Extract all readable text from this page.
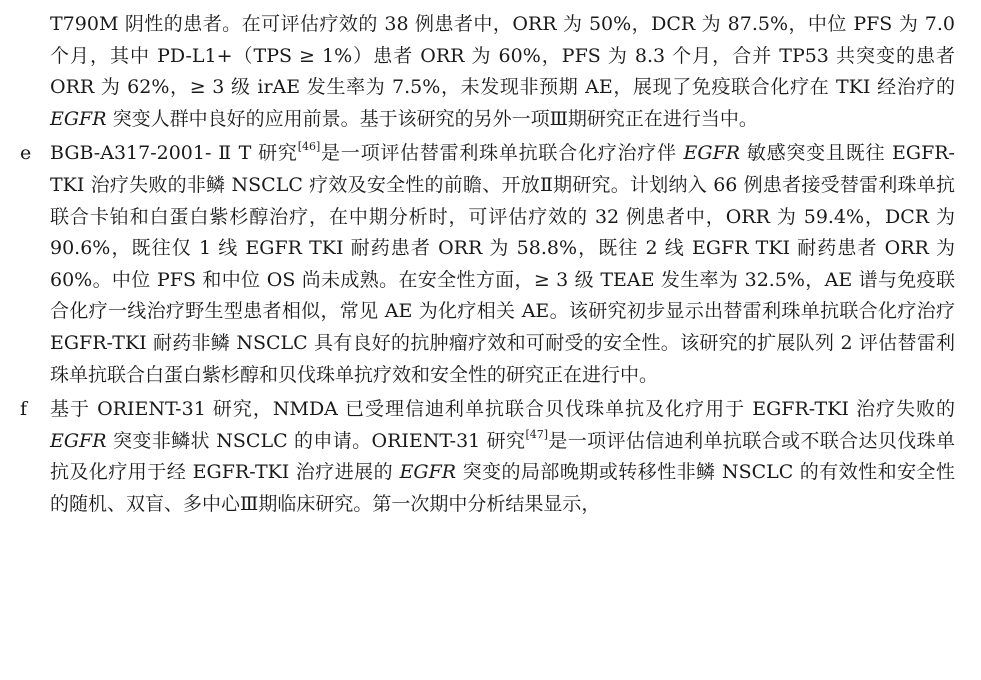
T790M 阴性的患者。在可评估疗效的 38 例患者中，ORR 为 50%，DCR 为 87.5%，中位 PFS 为 7.0 个月，其中 PD-L1+（TPS ≥ 1%）患者 ORR 为 60%，PFS 为 8.3 个月，合并 TP53 共突变的患者 ORR 为 62%，≥ 3 级 irAE 发生率为 7.5%，未发现非预期 AE，展现了免疫联合化疗在 TKI 经治疗的 EGFR 突变人群中良好的应用前景。基于该研究的另外一项Ⅲ期研究正在进行当中。
e BGB-A317-2001- Ⅱ T 研究[46]是一项评估替雷利珠单抗联合化疗治疗伴 EGFR 敏感突变且既往 EGFR-TKI 治疗失败的非鳞 NSCLC 疗效及安全性的前瞻、开放Ⅱ期研究。计划纳入 66 例患者接受替雷利珠单抗联合卡铂和白蛋白紫杉醇治疗，在中期分析时，可评估疗效的 32 例患者中，ORR 为 59.4%，DCR 为 90.6%，既往仅 1 线 EGFR TKI 耐药患者 ORR 为 58.8%，既往 2 线 EGFR TKI 耐药患者 ORR 为 60%。中位 PFS 和中位 OS 尚未成熟。在安全性方面，≥ 3 级 TEAE 发生率为 32.5%，AE 谱与免疫联合化疗一线治疗野生型患者相似，常见 AE 为化疗相关 AE。该研究初步显示出替雷利珠单抗联合化疗治疗 EGFR-TKI 耐药非鳞 NSCLC 具有良好的抗肿瘤疗效和可耐受的安全性。该研究的扩展队列 2 评估替雷利珠单抗联合白蛋白紫杉醇和贝伐珠单抗疗效和安全性的研究正在进行中。
f	基于 ORIENT-31 研究，NMDA 已受理信迪利单抗联合贝伐珠单抗及化疗用于 EGFR-TKI 治疗失败的 EGFR 突变非鳞状 NSCLC 的申请。ORIENT-31 研究[47]是一项评估信迪利单抗联合或不联合达贝伐珠单抗及化疗用于经 EGFR-TKI 治疗进展的 EGFR 突变的局部晚期或转移性非鳞 NSCLC 的有效性和安全性的随机、双盲、多中心Ⅲ期临床研究。第一次期中分析结果显示，
